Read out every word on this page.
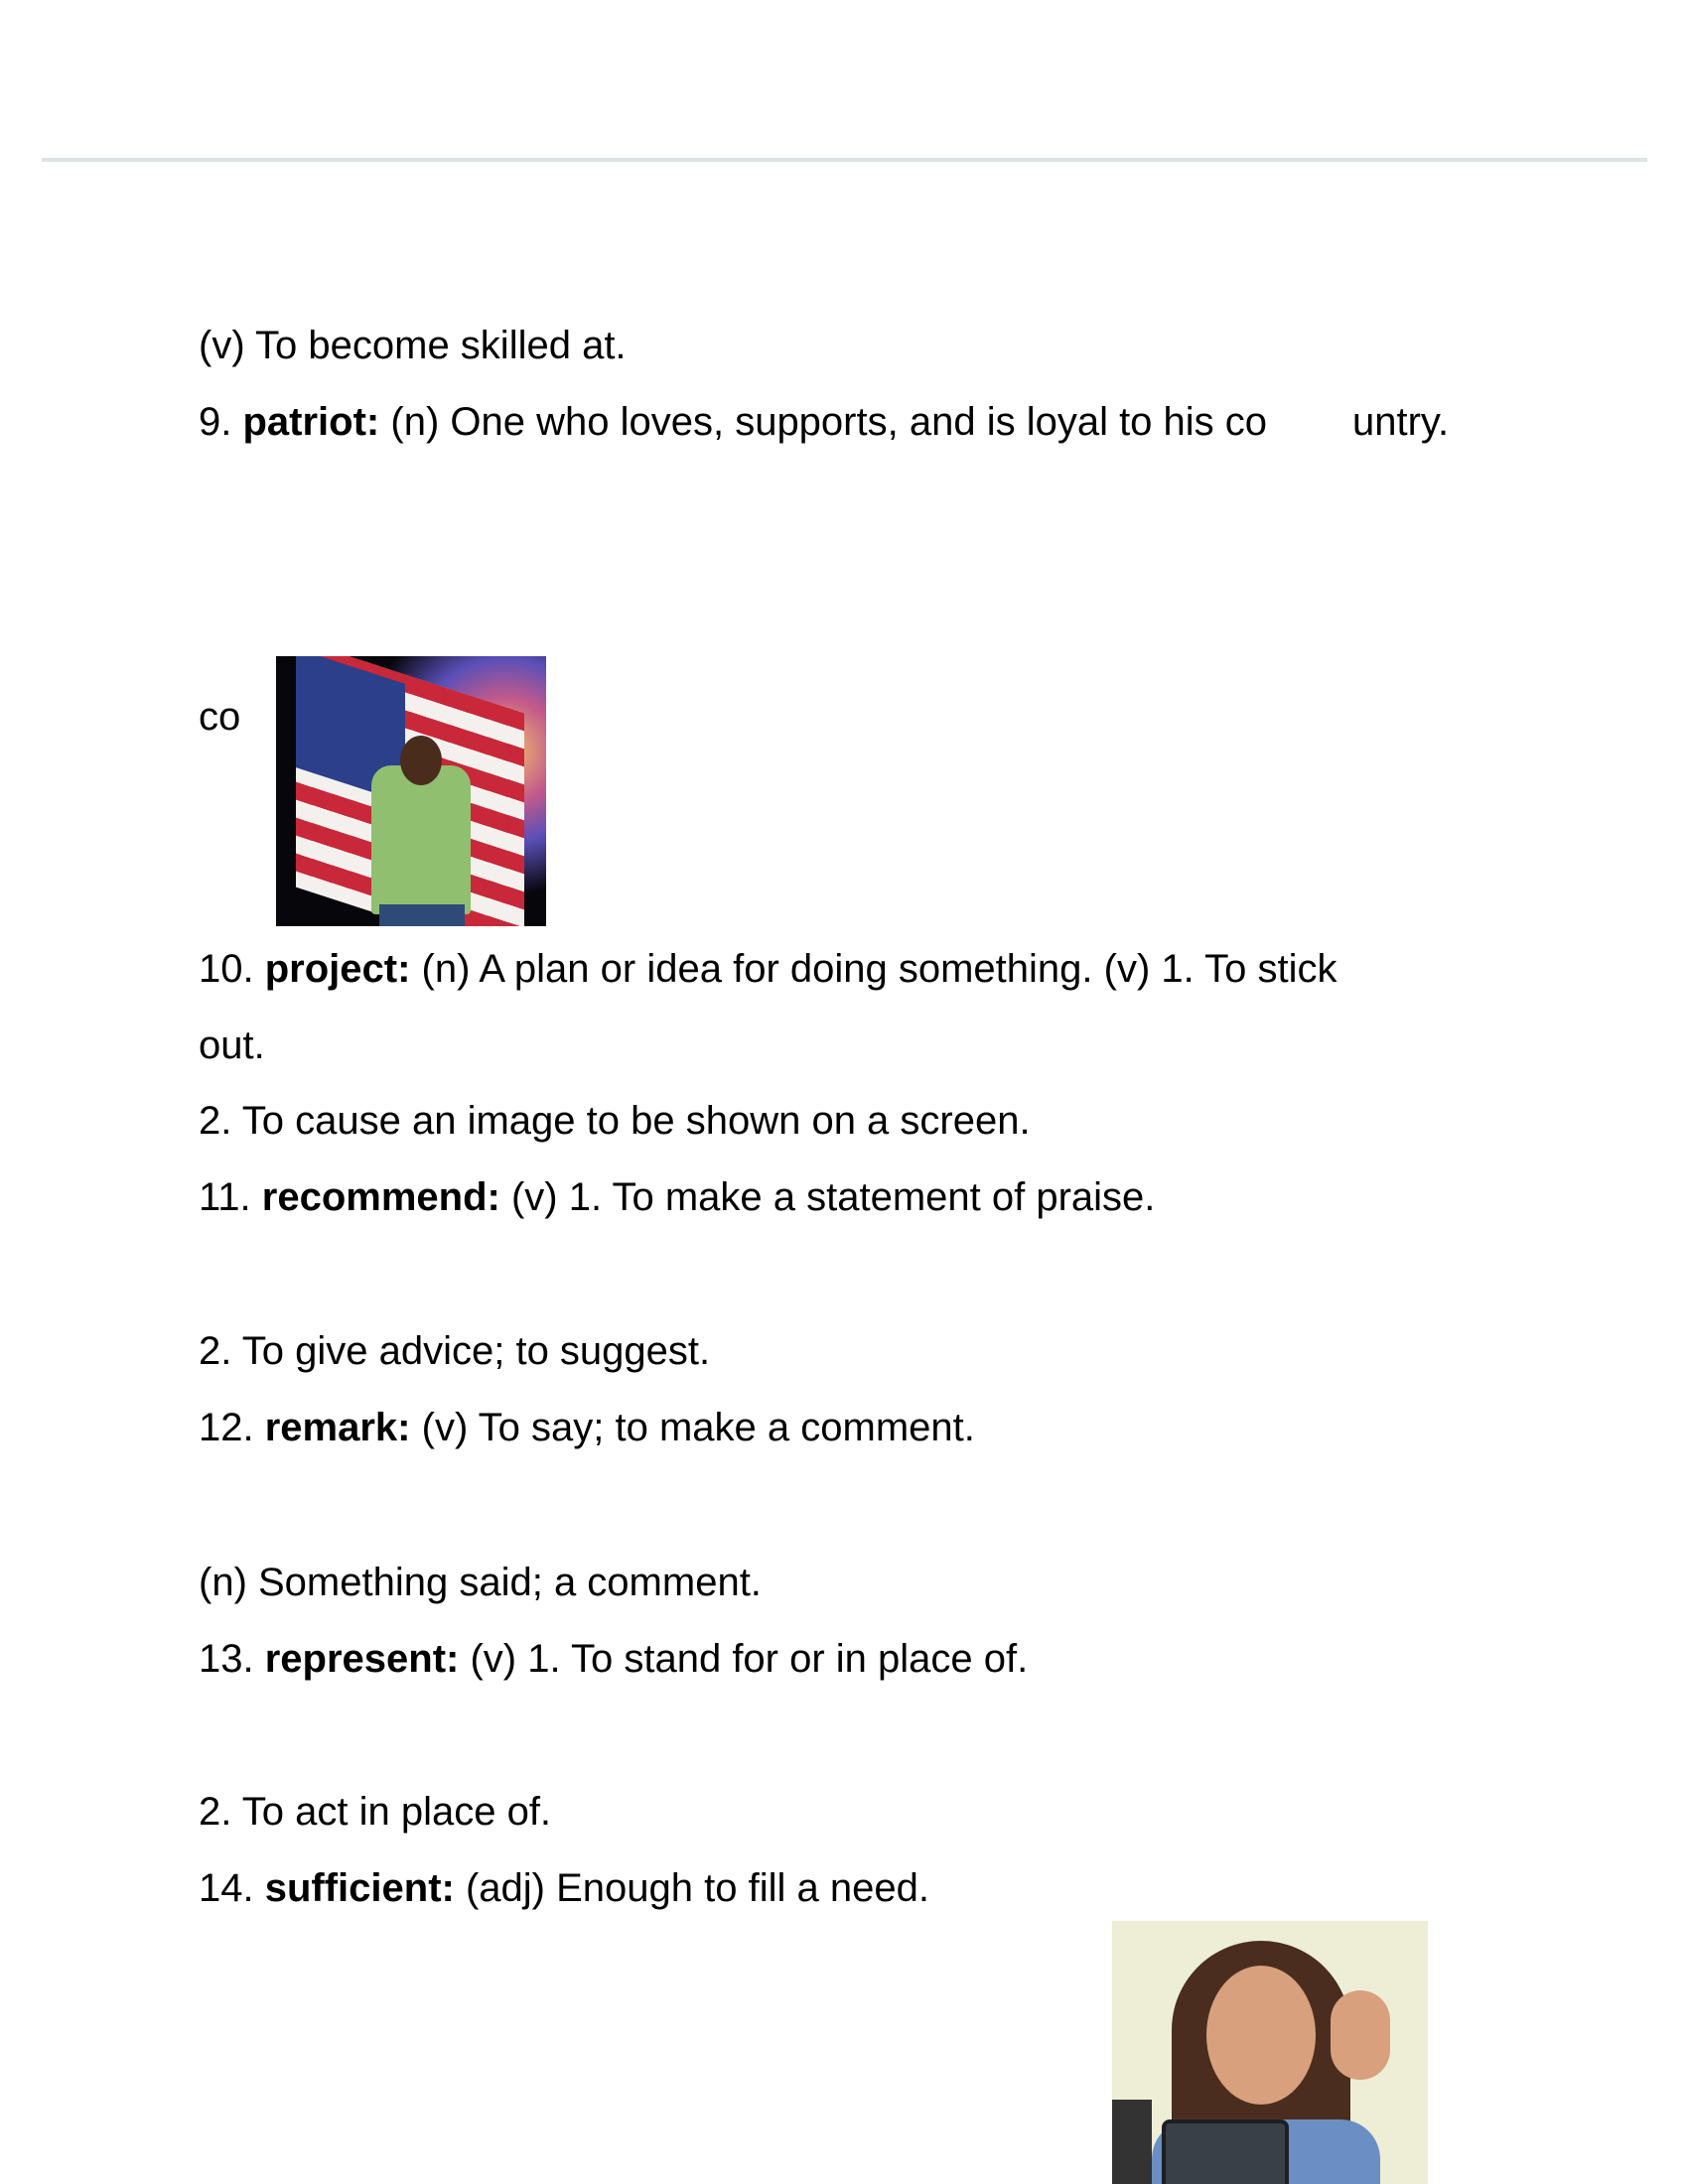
(v) To become skilled at.
9. patriot: (n) One who loves, supports, and is loyal to his co untry.
co
10. project: (n) A plan or idea for doing something. (v) 1. To stick
out.
2. To cause an image to be shown on a screen.
11. recommend: (v) 1. To make a statement of praise.
2. To give advice; to suggest.
12. remark: (v) To say; to make a comment.
(n) Something said; a comment.
13. represent: (v) 1. To stand for or in place of.
2. To act in place of.
14. sufficient: (adj) Enough to fill a need.
